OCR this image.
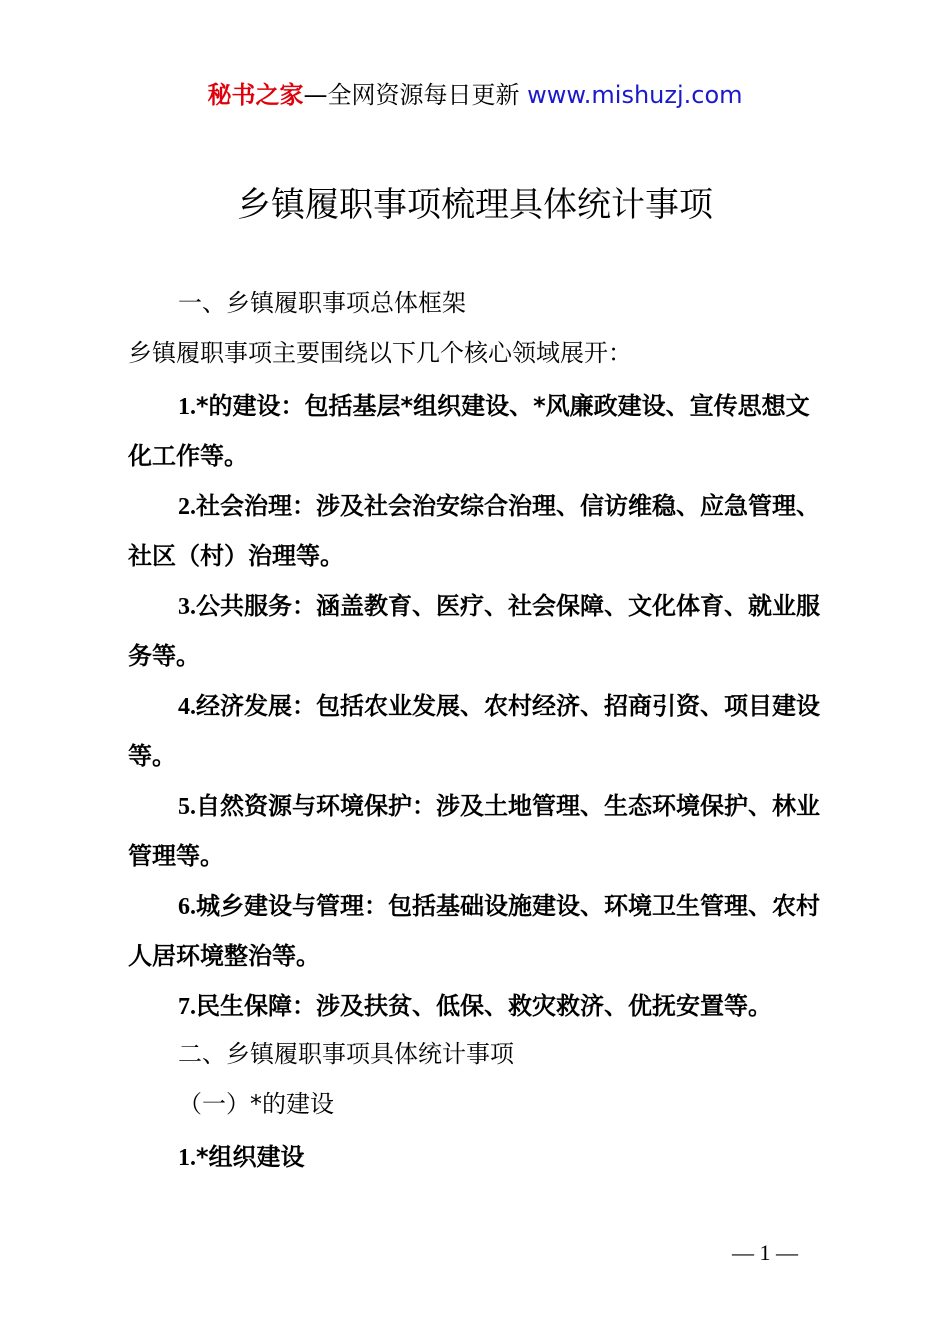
秘书之家—全网资源每日更新 www.mishuzj.com
乡镇履职事项梳理具体统计事项
一、乡镇履职事项总体框架
乡镇履职事项主要围绕以下几个核心领域展开：
1.*的建设：包括基层*组织建设、*风廉政建设、宣传思想文化工作等。
2.社会治理：涉及社会治安综合治理、信访维稳、应急管理、社区（村）治理等。
3.公共服务：涵盖教育、医疗、社会保障、文化体育、就业服务等。
4.经济发展：包括农业发展、农村经济、招商引资、项目建设等。
5.自然资源与环境保护：涉及土地管理、生态环境保护、林业管理等。
6.城乡建设与管理：包括基础设施建设、环境卫生管理、农村人居环境整治等。
7.民生保障：涉及扶贫、低保、救灾救济、优抚安置等。
二、乡镇履职事项具体统计事项
（一）*的建设
1.*组织建设
— 1 —
